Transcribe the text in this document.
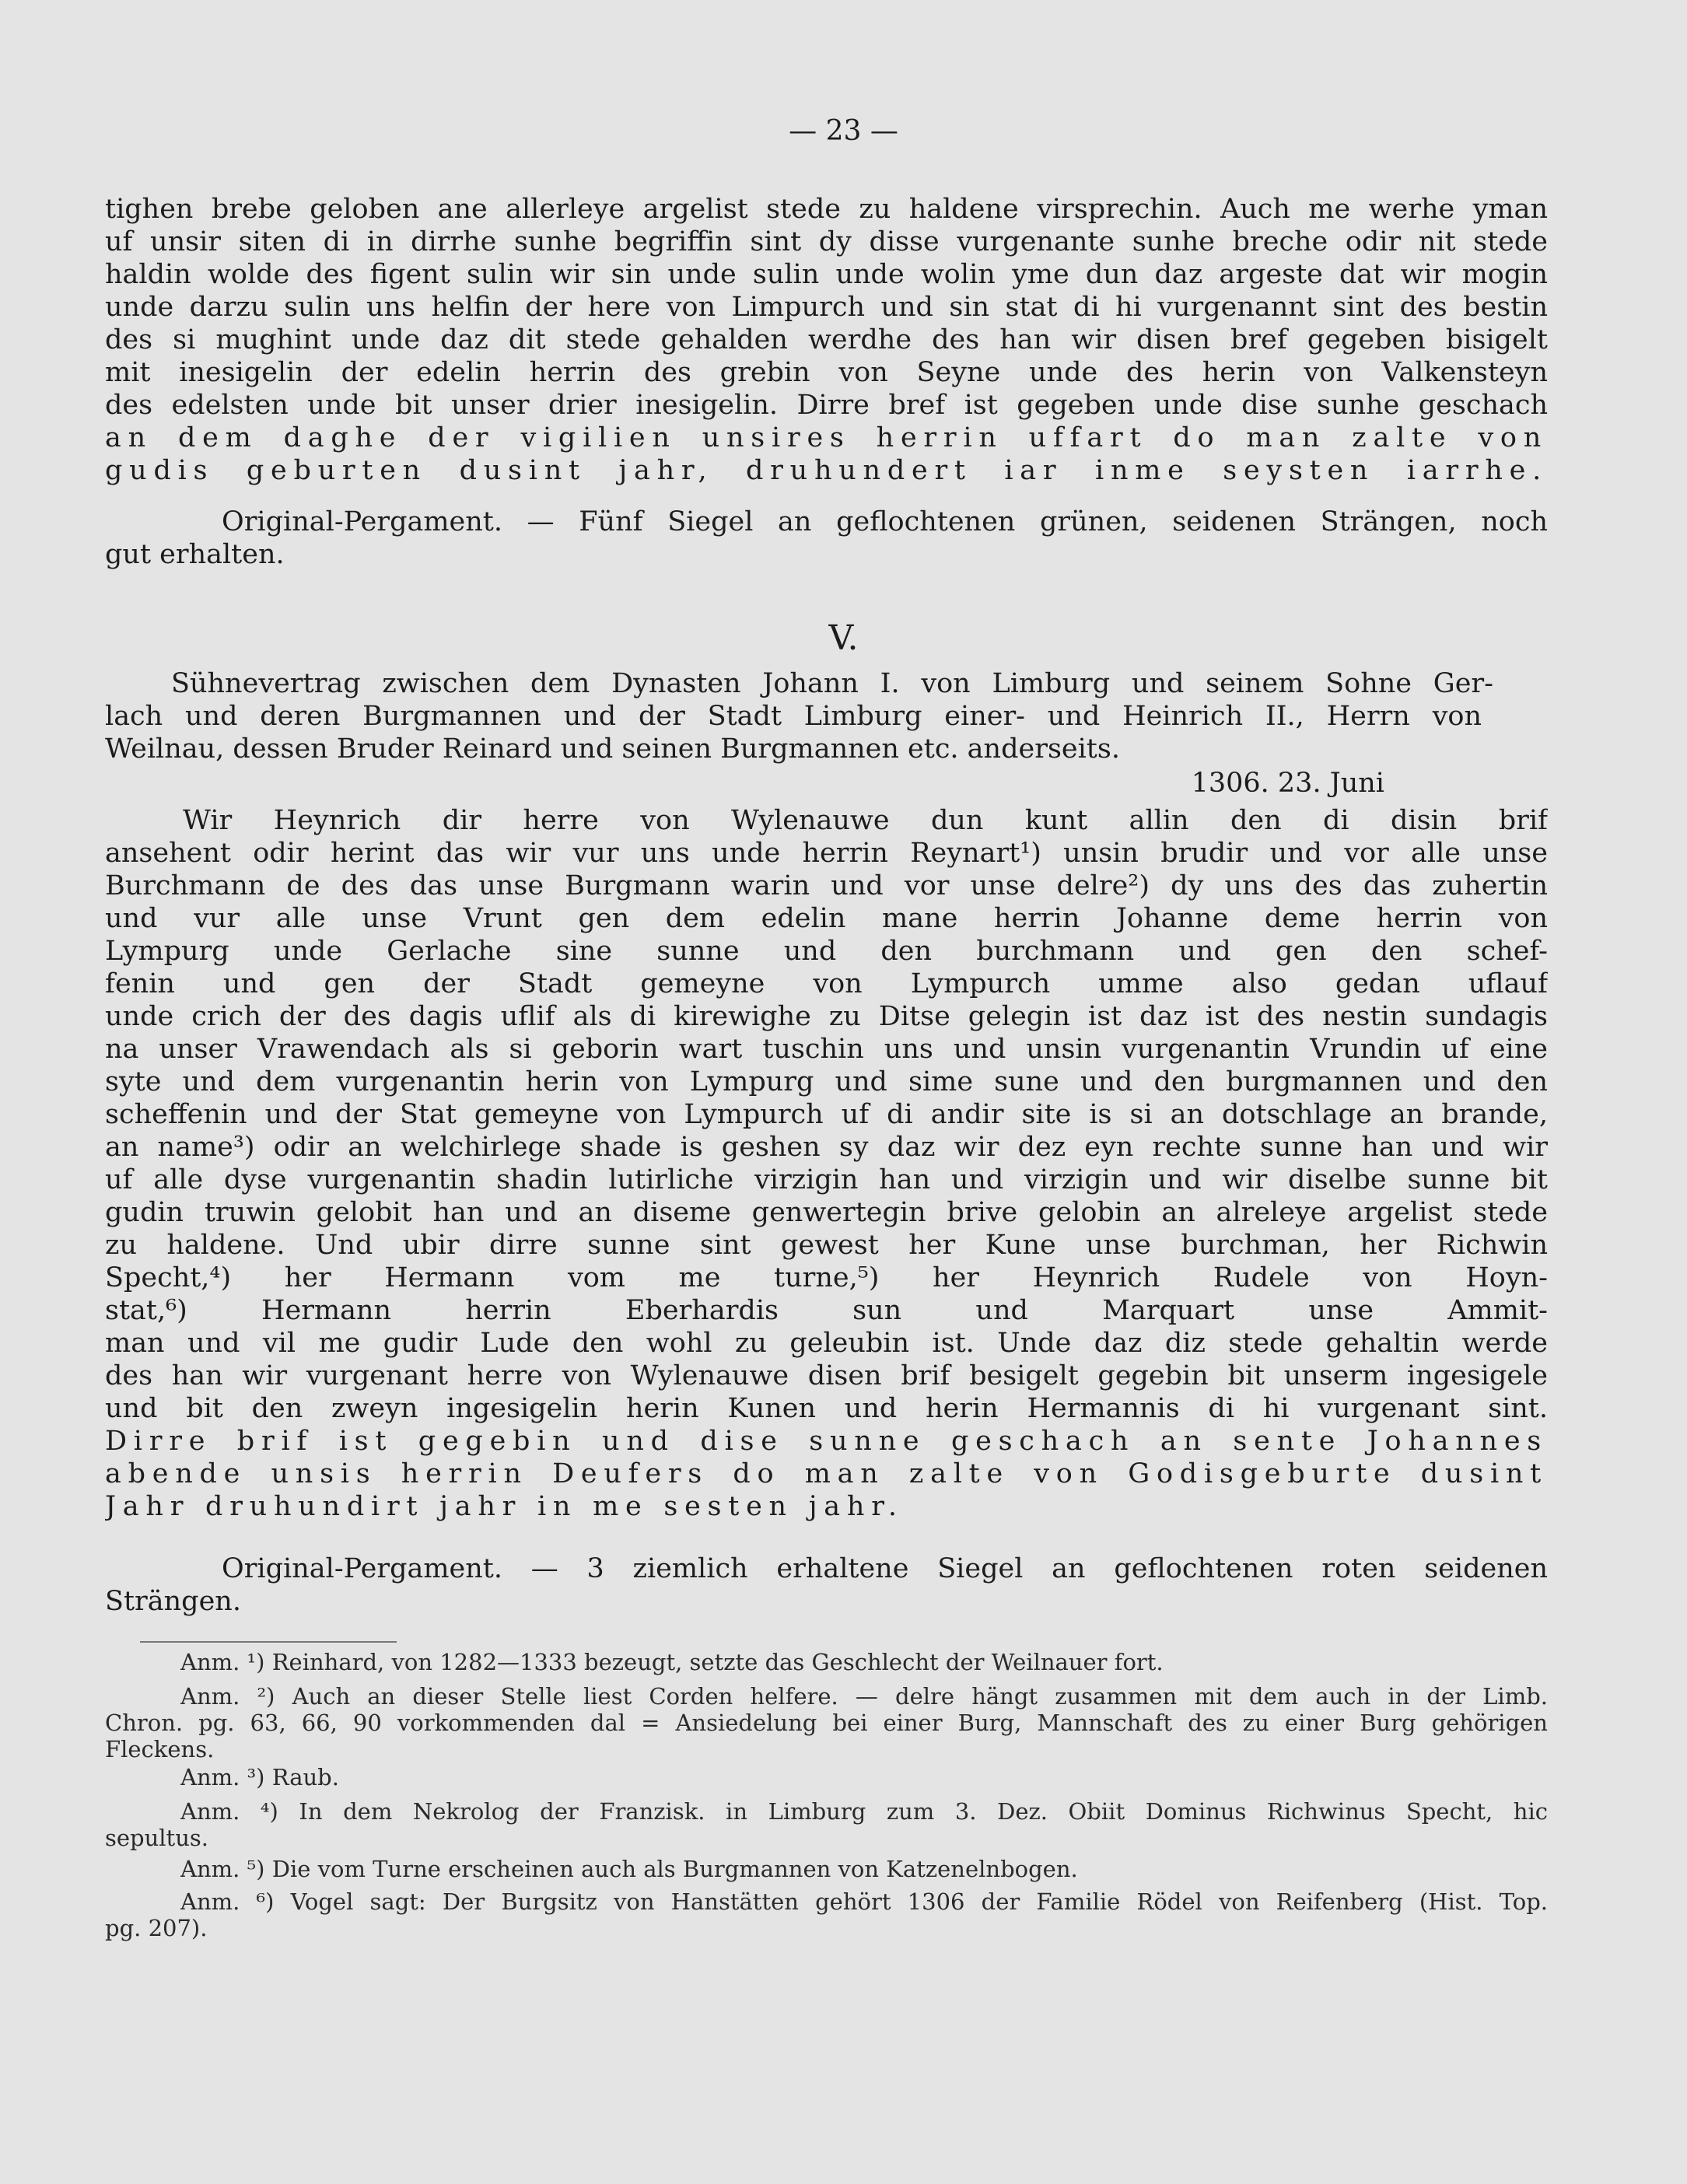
— 23 —
tighen brebe geloben ane allerleye argelist stede zu haldene virsprechin. Auch me werhe yman
uf unsir siten di in dirrhe sunhe begriffin sint dy disse vurgenante sunhe breche odir nit stede
haldin wolde des figent sulin wir sin unde sulin unde wolin yme dun daz argeste dat wir mogin
unde darzu sulin uns helfin der here von Limpurch und sin stat di hi vurgenannt sint des bestin
des si mughint unde daz dit stede gehalden werdhe des han wir disen bref gegeben bisigelt
mit inesigelin der edelin herrin des grebin von Seyne unde des herin von Valkensteyn
des edelsten unde bit unser drier inesigelin. Dirre bref ist gegeben unde dise sunhe geschach
an dem daghe der vigilien unsires herrin uffart do man zalte von
gudis geburten dusint jahr, druhundert iar inme seysten iarrhe.
Original-Pergament. — Fünf Siegel an geflochtenen grünen, seidenen Strängen, noch
gut erhalten.
V.
Sühnevertrag zwischen dem Dynasten Johann I. von Limburg und seinem Sohne Ger-
lach und deren Burgmannen und der Stadt Limburg einer- und Heinrich II., Herrn von
Weilnau, dessen Bruder Reinard und seinen Burgmannen etc. anderseits.
1306. 23. Juni
Wir Heynrich dir herre von Wylenauwe dun kunt allin den di disin brif
ansehent odir herint das wir vur uns unde herrin Reynart¹) unsin brudir und vor alle unse
Burchmann de des das unse Burgmann warin und vor unse delre²) dy uns des das zuhertin
und vur alle unse Vrunt gen dem edelin mane herrin Johanne deme herrin von
Lympurg unde Gerlache sine sunne und den burchmann und gen den schef-
fenin und gen der Stadt gemeyne von Lympurch umme also gedan uflauf
unde crich der des dagis uflif als di kirewighe zu Ditse gelegin ist daz ist des nestin sundagis
na unser Vrawendach als si geborin wart tuschin uns und unsin vurgenantin Vrundin uf eine
syte und dem vurgenantin herin von Lympurg und sime sune und den burgmannen und den
scheffenin und der Stat gemeyne von Lympurch uf di andir site is si an dotschlage an brande,
an name³) odir an welchirlege shade is geshen sy daz wir dez eyn rechte sunne han und wir
uf alle dyse vurgenantin shadin lutirliche virzigin han und virzigin und wir diselbe sunne bit
gudin truwin gelobit han und an diseme genwertegin brive gelobin an alreleye argelist stede
zu haldene. Und ubir dirre sunne sint gewest her Kune unse burchman, her Richwin
Specht,⁴) her Hermann vom me turne,⁵) her Heynrich Rudele von Hoyn-
stat,⁶) Hermann herrin Eberhardis sun und Marquart unse Ammit-
man und vil me gudir Lude den wohl zu geleubin ist. Unde daz diz stede gehaltin werde
des han wir vurgenant herre von Wylenauwe disen brif besigelt gegebin bit unserm ingesigele
und bit den zweyn ingesigelin herin Kunen und herin Hermannis di hi vurgenant sint.
Dirre brif ist gegebin und dise sunne geschach an sente Johannes
abende unsis herrin Deufers do man zalte von Godisgeburte dusint
Jahr druhundirt jahr in me sesten jahr.
Original-Pergament. — 3 ziemlich erhaltene Siegel an geflochtenen roten seidenen
Strängen.
Anm. ¹) Reinhard, von 1282—1333 bezeugt, setzte das Geschlecht der Weilnauer fort.
Anm. ²) Auch an dieser Stelle liest Corden helfere. — delre hängt zusammen mit dem auch in der Limb.
Chron. pg. 63, 66, 90 vorkommenden dal = Ansiedelung bei einer Burg, Mannschaft des zu einer Burg gehörigen
Fleckens.
Anm. ³) Raub.
Anm. ⁴) In dem Nekrolog der Franzisk. in Limburg zum 3. Dez. Obiit Dominus Richwinus Specht, hic
sepultus.
Anm. ⁵) Die vom Turne erscheinen auch als Burgmannen von Katzenelnbogen.
Anm. ⁶) Vogel sagt: Der Burgsitz von Hanstätten gehört 1306 der Familie Rödel von Reifenberg (Hist. Top.
pg. 207).
